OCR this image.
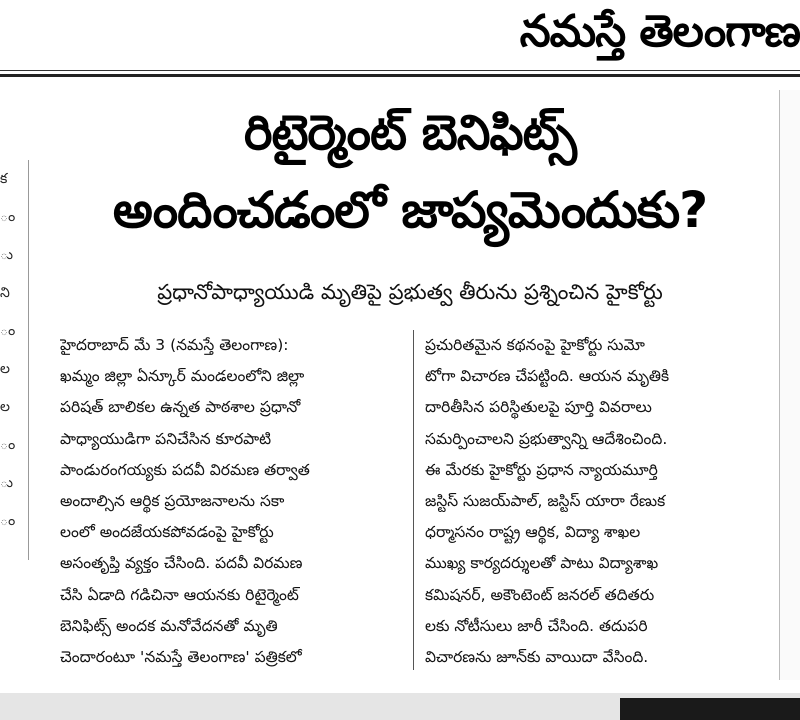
నమస్తే తెలంగాణ
క
ం
ు
ని
ం
ల
ల
ం
ు
ం
రిటైర్మెంట్ బెనిఫిట్స్
అందించడంలో జాప్యమెందుకు?
ప్రధానోపాధ్యాయుడి మృతిపై ప్రభుత్వ తీరును ప్రశ్నించిన హైకోర్టు
హైదరాబాద్ మే 3 (నమస్తే తెలంగాణ):
ఖమ్మం జిల్లా ఏన్కూర్ మండలంలోని జిల్లా
పరిషత్ బాలికల ఉన్నత పాఠశాల ప్రధానో
పాధ్యాయుడిగా పనిచేసిన కూరపాటి
పాండురంగయ్యకు పదవీ విరమణ తర్వాత
అందాల్సిన ఆర్థిక ప్రయోజనాలను సకా
లంలో అందజేయకపోవడంపై హైకోర్టు
అసంతృప్తి వ్యక్తం చేసింది. పదవీ విరమణ
చేసి ఏడాది గడిచినా ఆయనకు రిటైర్మెంట్
బెనిఫిట్స్ అందక మనోవేదనతో మృతి
చెందారంటూ 'నమస్తే తెలంగాణ' పత్రికలో
ప్రచురితమైన కథనంపై హైకోర్టు సుమో
టోగా విచారణ చేపట్టింది. ఆయన మృతికి
దారితీసిన పరిస్థితులపై పూర్తి వివరాలు
సమర్పించాలని ప్రభుత్వాన్ని ఆదేశించింది.
ఈ మేరకు హైకోర్టు ప్రధాన న్యాయమూర్తి
జస్టిస్ సుజయ్‌పాల్, జస్టిస్ యారా రేణుక
ధర్మాసనం రాష్ట్ర ఆర్థిక, విద్యా శాఖల
ముఖ్య కార్యదర్శులతో పాటు విద్యాశాఖ
కమిషనర్, అకౌంటెంట్ జనరల్ తదితరు
లకు నోటీసులు జారీ చేసింది. తదుపరి
విచారణను జూన్‌కు వాయిదా వేసింది.
